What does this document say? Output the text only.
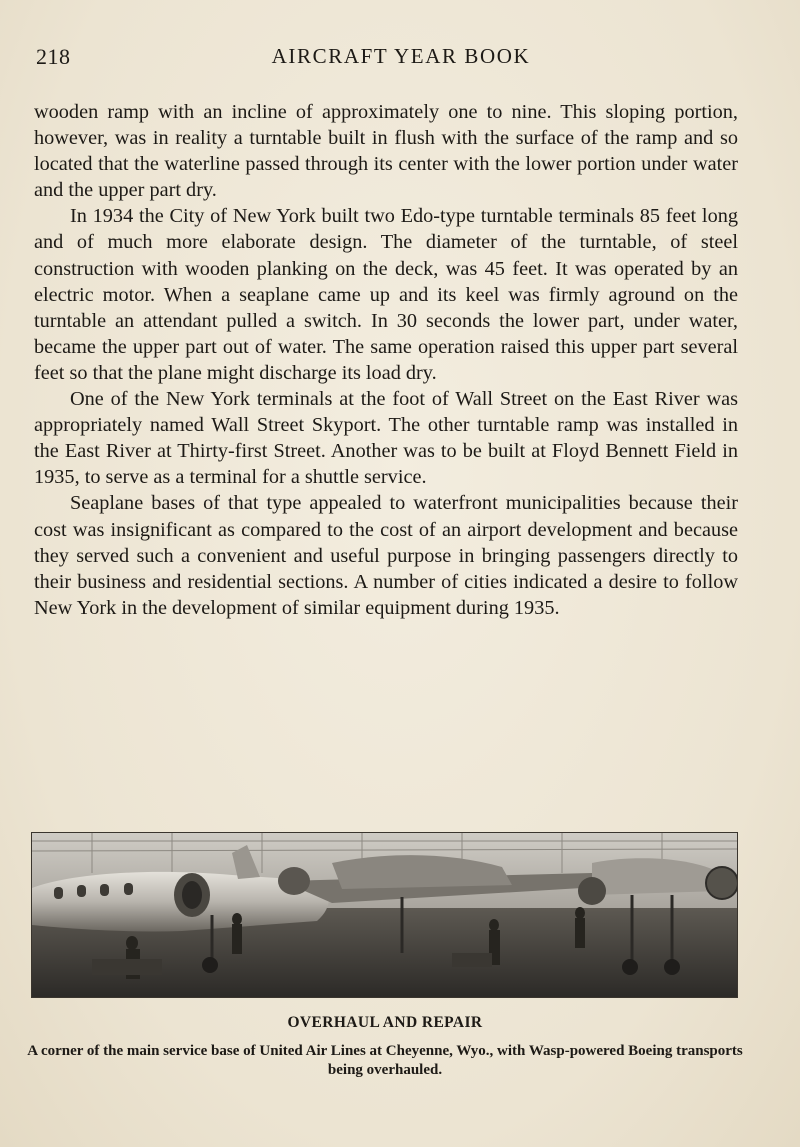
218	AIRCRAFT YEAR BOOK

wooden ramp with an incline of approximately one to nine. This sloping portion, however, was in reality a turntable built in flush with the surface of the ramp and so located that the waterline passed through its center with the lower portion under water and the upper part dry.

In 1934 the City of New York built two Edo-type turntable terminals 85 feet long and of much more elaborate design. The diameter of the turntable, of steel construction with wooden planking on the deck, was 45 feet. It was operated by an electric motor. When a seaplane came up and its keel was firmly aground on the turntable an attendant pulled a switch. In 30 seconds the lower part, under water, became the upper part out of water. The same operation raised this upper part several feet so that the plane might discharge its load dry.

One of the New York terminals at the foot of Wall Street on the East River was appropriately named Wall Street Skyport. The other turntable ramp was installed in the East River at Thirty-first Street. Another was to be built at Floyd Bennett Field in 1935, to serve as a terminal for a shuttle service.

Seaplane bases of that type appealed to waterfront municipalities because their cost was insignificant as compared to the cost of an airport development and because they served such a convenient and useful purpose in bringing passengers directly to their business and residential sections. A number of cities indicated a desire to follow New York in the development of similar equipment during 1935.

OVERHAUL AND REPAIR
A corner of the main service base of United Air Lines at Cheyenne, Wyo., with Wasp-powered Boeing transports being overhauled.
